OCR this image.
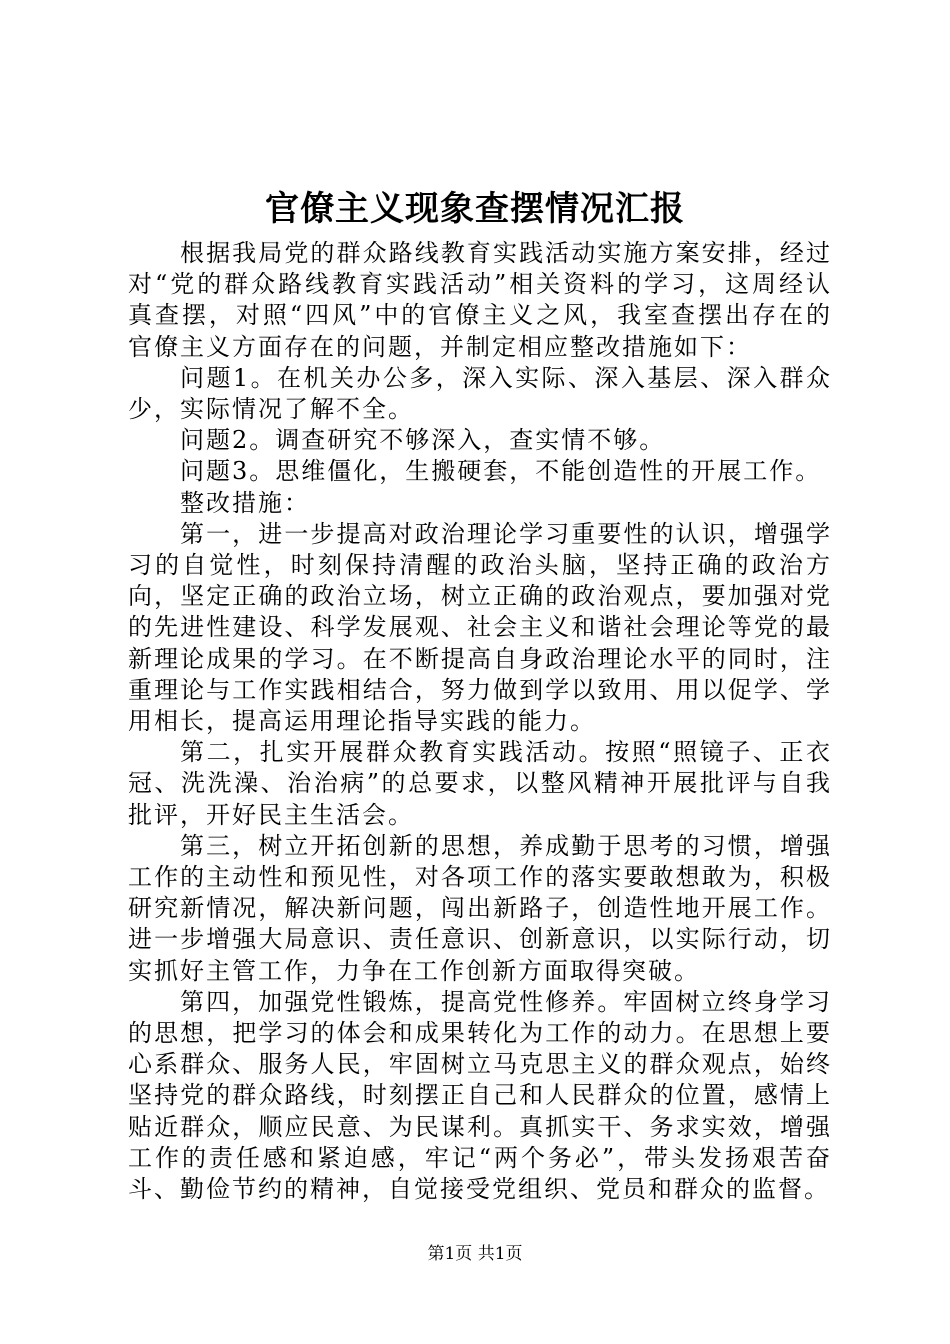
官僚主义现象查摆情况汇报

根据我局党的群众路线教育实践活动实施方案安排，经过对“党的群众路线教育实践活动”相关资料的学习，这周经认真查摆，对照“四风”中的官僚主义之风，我室查摆出存在的官僚主义方面存在的问题，并制定相应整改措施如下：

问题1。在机关办公多，深入实际、深入基层、深入群众少，实际情况了解不全。

问题2。调查研究不够深入，查实情不够。

问题3。思维僵化，生搬硬套，不能创造性的开展工作。

整改措施：

第一，进一步提高对政治理论学习重要性的认识，增强学习的自觉性，时刻保持清醒的政治头脑，坚持正确的政治方向，坚定正确的政治立场，树立正确的政治观点，要加强对党的先进性建设、科学发展观、社会主义和谐社会理论等党的最新理论成果的学习。在不断提高自身政治理论水平的同时，注重理论与工作实践相结合，努力做到学以致用、用以促学、学用相长，提高运用理论指导实践的能力。

第二，扎实开展群众教育实践活动。按照“照镜子、正衣冠、洗洗澡、治治病”的总要求，以整风精神开展批评与自我批评，开好民主生活会。

第三，树立开拓创新的思想，养成勤于思考的习惯，增强工作的主动性和预见性，对各项工作的落实要敢想敢为，积极研究新情况，解决新问题，闯出新路子，创造性地开展工作。进一步增强大局意识、责任意识、创新意识，以实际行动，切实抓好主管工作，力争在工作创新方面取得突破。

第四，加强党性锻炼，提高党性修养。牢固树立终身学习的思想，把学习的体会和成果转化为工作的动力。在思想上要心系群众、服务人民，牢固树立马克思主义的群众观点，始终坚持党的群众路线，时刻摆正自己和人民群众的位置，感情上贴近群众，顺应民意、为民谋利。真抓实干、务求实效，增强工作的责任感和紧迫感，牢记“两个务必”，带头发扬艰苦奋斗、勤俭节约的精神，自觉接受党组织、党员和群众的监督。

第1页 共1页
